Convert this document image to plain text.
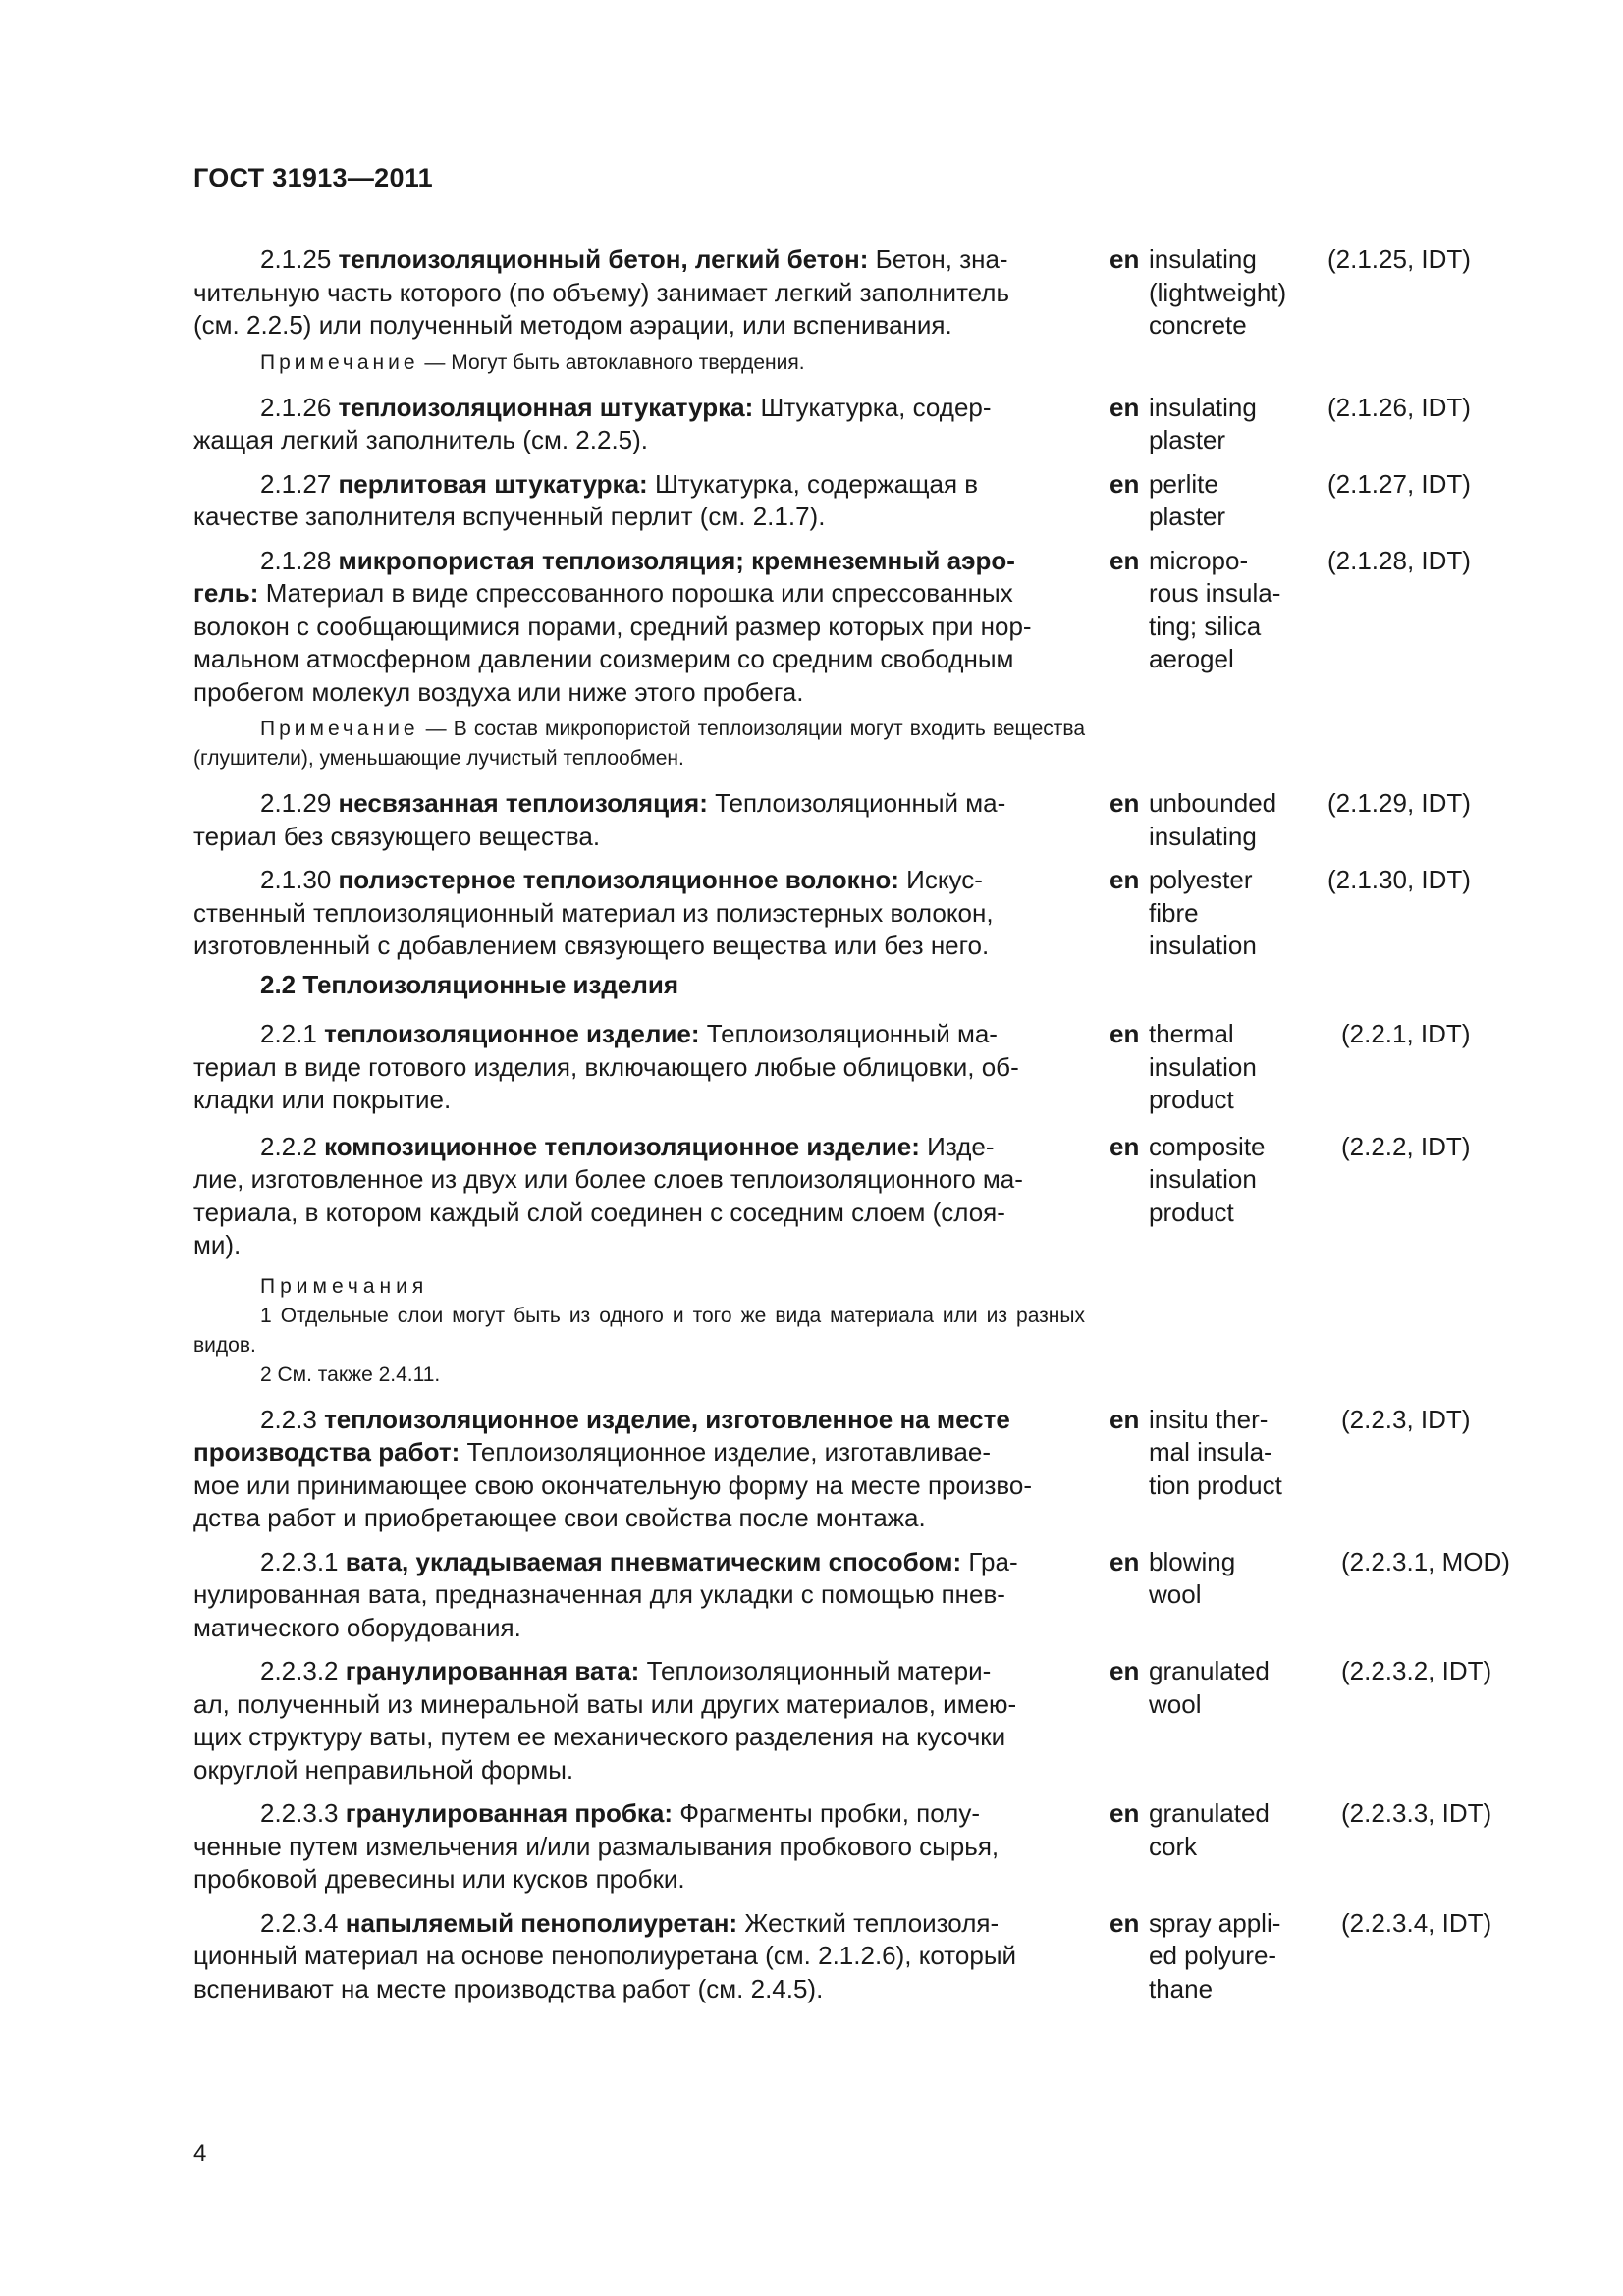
ГОСТ 31913—2011
2.1.25 теплоизоляционный бетон, легкий бетон: Бетон, зна-
чительную часть которого (по объему) занимает легкий заполнитель
(см. 2.2.5) или полученный методом аэрации, или вспенивания.
en insulating
(lightweight)
concrete
(2.1.25, IDT)
Примечание — Могут быть автоклавного твердения.
2.1.26 теплоизоляционная штукатурка: Штукатурка, содер-
жащая легкий заполнитель (см. 2.2.5).
en insulating
plaster
(2.1.26, IDT)
2.1.27 перлитовая штукатурка: Штукатурка, содержащая в
качестве заполнителя вспученный перлит (см. 2.1.7).
en perlite
plaster
(2.1.27, IDT)
2.1.28 микропористая теплоизоляция; кремнеземный аэро-
гель: Материал в виде спрессованного порошка или спрессованных
волокон с сообщающимися порами, средний размер которых при нор-
мальном атмосферном давлении соизмерим со средним свободным
пробегом молекул воздуха или ниже этого пробега.
en micropo-
rous insula-
ting; silica
aerogel
(2.1.28, IDT)
Примечание — В состав микропористой теплоизоляции могут входить вещества (глушители), уменьшающие лучистый теплообмен.
2.1.29 несвязанная теплоизоляция: Теплоизоляционный ма-
териал без связующего вещества.
en unbounded
insulating
(2.1.29, IDT)
2.1.30 полиэстерное теплоизоляционное волокно: Искус-
ственный теплоизоляционный материал из полиэстерных волокон,
изготовленный с добавлением связующего вещества или без него.
en polyester
fibre
insulation
(2.1.30, IDT)
2.2 Теплоизоляционные изделия
2.2.1 теплоизоляционное изделие: Теплоизоляционный ма-
териал в виде готового изделия, включающего любые облицовки, об-
кладки или покрытие.
en thermal
insulation
product
(2.2.1, IDT)
2.2.2 композиционное теплоизоляционное изделие: Изде-
лие, изготовленное из двух или более слоев теплоизоляционного ма-
териала, в котором каждый слой соединен с соседним слоем (слоя-
ми).
en composite
insulation
product
(2.2.2, IDT)
Примечания
1 Отдельные слои могут быть из одного и того же вида материала или из разных видов.
2 См. также 2.4.11.
2.2.3 теплоизоляционное изделие, изготовленное на месте
производства работ: Теплоизоляционное изделие, изготавливае-
мое или принимающее свою окончательную форму на месте произво-
дства работ и приобретающее свои свойства после монтажа.
en insitu ther-
mal insula-
tion product
(2.2.3, IDT)
2.2.3.1 вата, укладываемая пневматическим способом: Гра-
нулированная вата, предназначенная для укладки с помощью пнев-
матического оборудования.
en blowing
wool
(2.2.3.1, MOD)
2.2.3.2 гранулированная вата: Теплоизоляционный матери-
ал, полученный из минеральной ваты или других материалов, имею-
щих структуру ваты, путем ее механического разделения на кусочки
округлой неправильной формы.
en granulated
wool
(2.2.3.2, IDT)
2.2.3.3 гранулированная пробка: Фрагменты пробки, полу-
ченные путем измельчения и/или размалывания пробкового сырья,
пробковой древесины или кусков пробки.
en granulated
cork
(2.2.3.3, IDT)
2.2.3.4 напыляемый пенополиуретан: Жесткий теплоизоля-
ционный материал на основе пенополиуретана (см. 2.1.2.6), который
вспенивают на месте производства работ (см. 2.4.5).
en spray appli-
ed polyure-
thane
(2.2.3.4, IDT)
4
